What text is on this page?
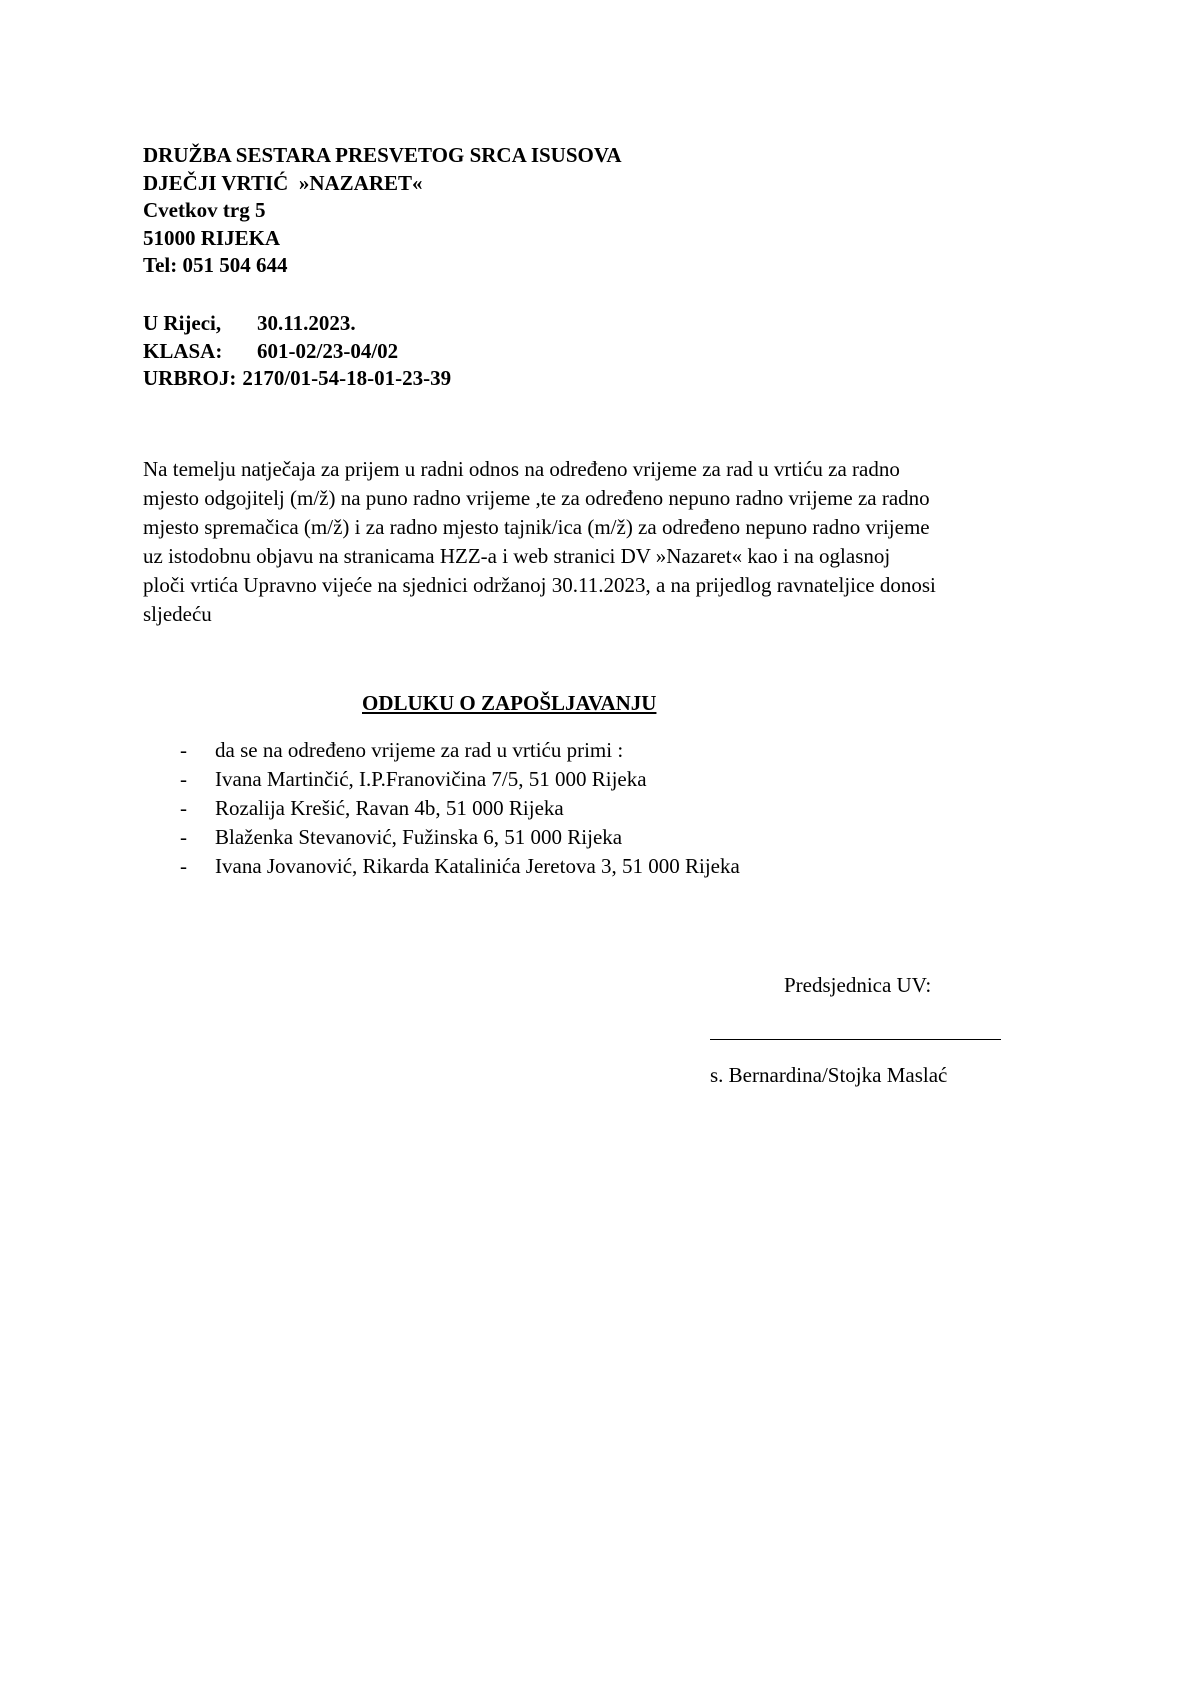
DRUŽBA SESTARA PRESVETOG SRCA ISUSOVA
DJEČJI VRTIĆ  »NAZARET«
Cvetkov trg 5
51000 RIJEKA
Tel: 051 504 644
U Rijeci, 30.11.2023.
KLASA: 601-02/23-04/02
URBROJ: 2170/01-54-18-01-23-39
Na temelju natječaja za prijem u radni odnos na određeno vrijeme za rad u vrtiću za radno
mjesto odgojitelj (m/ž) na puno radno vrijeme ,te za određeno nepuno radno vrijeme za radno
mjesto spremačica (m/ž) i za radno mjesto tajnik/ica (m/ž) za određeno nepuno radno vrijeme
uz istodobnu objavu na stranicama HZZ-a i web stranici DV »Nazaret« kao i na oglasnoj
ploči vrtića Upravno vijeće na sjednici održanoj 30.11.2023, a na prijedlog ravnateljice donosi
sljedeću
ODLUKU O ZAPOŠLJAVANJU
- da se na određeno vrijeme za rad u vrtiću primi :
- Ivana Martinčić, I.P.Franovičina 7/5, 51 000 Rijeka
- Rozalija Krešić, Ravan 4b, 51 000 Rijeka
- Blaženka Stevanović, Fužinska 6, 51 000 Rijeka
- Ivana Jovanović, Rikarda Katalinića Jeretova 3, 51 000 Rijeka
Predsjednica UV:
s. Bernardina/Stojka Maslać
